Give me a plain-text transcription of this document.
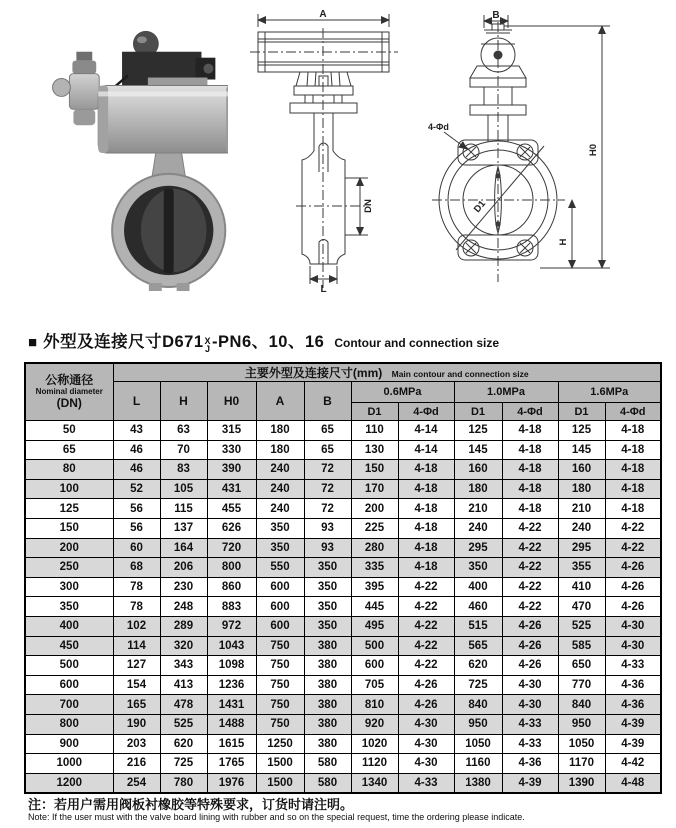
A
DN
L
B
4-Φd
D1
H0
H
■ 外型及连接尺寸D671 X
J -PN6、10、16 Contour and connection size
公称通径
Nominal diameter
(DN)	主要外型及连接尺寸(mm) Main contour and connection size										
	L	H	H0	A	B	0.6MPa		1.0MPa		1.6MPa	
						D1	4-Φd	D1	4-Φd	D1	4-Φd
50	43	63	315	180	65	110	4-14	125	4-18	125	4-18
65	46	70	330	180	65	130	4-14	145	4-18	145	4-18
80	46	83	390	240	72	150	4-18	160	4-18	160	4-18
100	52	105	431	240	72	170	4-18	180	4-18	180	4-18
125	56	115	455	240	72	200	4-18	210	4-18	210	4-18
150	56	137	626	350	93	225	4-18	240	4-22	240	4-22
200	60	164	720	350	93	280	4-18	295	4-22	295	4-22
250	68	206	800	550	350	335	4-18	350	4-22	355	4-26
300	78	230	860	600	350	395	4-22	400	4-22	410	4-26
350	78	248	883	600	350	445	4-22	460	4-22	470	4-26
400	102	289	972	600	350	495	4-22	515	4-26	525	4-30
450	114	320	1043	750	380	500	4-22	565	4-26	585	4-30
500	127	343	1098	750	380	600	4-22	620	4-26	650	4-33
600	154	413	1236	750	380	705	4-26	725	4-30	770	4-36
700	165	478	1431	750	380	810	4-26	840	4-30	840	4-36
800	190	525	1488	750	380	920	4-30	950	4-33	950	4-39
900	203	620	1615	1250	380	1020	4-30	1050	4-33	1050	4-39
1000	216	725	1765	1500	580	1120	4-30	1160	4-36	1170	4-42
1200	254	780	1976	1500	580	1340	4-33	1380	4-39	1390	4-48
注：若用户需用阀板衬橡胶等特殊要求，订货时请注明。
Note: If the user must with the valve board lining with rubber and so on the special request, time the ordering please indicate.
